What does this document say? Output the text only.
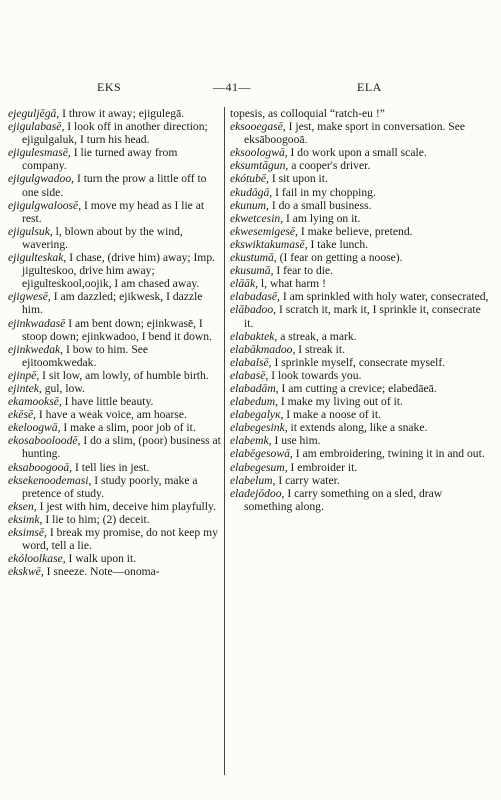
EKS	—41—	ELA

ejeguljēgā, I throw it away; ejigulegā.

ejigulabasē, I look off in another direction; ejigulgaluk, I turn his head.

ejigulesmasē, I lie turned away from company.

ejigulgwadoo, I turn the prow a little off to one side.

ejigulgwaloosē, I move my head as I lie at rest.

ejigulsuk, l, blown about by the wind, wavering.

ejigulteskak, I chase, (drive him) away; Imp. jigulteskoo, drive him away; ejigulteskool,oojik, I am chased away.

ejigwesē, I am dazzled; ejikwesk, I dazzle him.

ejinkwadasē I am bent down; ejinkwasē, I stoop down; ejinkwadoo, I bend it down.

ejinkwedak, I bow to him. See ejitoomkwedak.

ejinpē, I sit low, am lowly, of humble birth.

ejintek, gul, low.

ekamooksē, I have little beauty.

ekēsē, I have a weak voice, am hoarse.

ekeloogwā, I make a slim, poor job of it.

ekosabooloodē, I do a slim, (poor) business at hunting.

eksaboogooā, I tell lies in jest.

eksekenoodemasi, I study poorly, make a pretence of study.

eksen, I jest with him, deceive him playfully.

eksimk, I lie to him; (2) deceit.

eksimsē, I break my promise, do not keep my word, tell a lie.

ekóloolkase, I walk upon it.

ekskwē, I sneeze. Note—onoma-

topesis, as colloquial “ratch-eu !”

eksooegasē, I jest, make sport in conversation. See eksāboogooā.

eksoologwā, I do work upon a small scale.

eksumtāgun, a cooper's driver.

ekótubē, I sit upon it.

ekudāgā, I fail in my chopping.

ekunum, I do a small business.

ekwetcesin, I am lying on it.

ekwesemigesē, I make believe, pretend.

ekswiktakumasē, I take lunch.

ekustumā, (I fear on getting a noose).

ekusumā, I fear to die.

elāāk, l, what harm !

elabadasē, I am sprinkled with holy water, consecrated,

elābadoo, I scratch it, mark it, I sprinkle it, consecrate it.

elabaktek, a streak, a mark.

elabākmadoo, I streak it.

elabalsē, I sprinkle myself, consecrate myself.

elabasē, I look towards you.

elabadām, I am cutting a crevice; elabedāeā.

elabedum, I make my living out of it.

elabegalук, I make a noose of it.

elabegesink, it extends along, like a snake.

elabemk, I use him.

elabēgesowā, I am embroidering, twining it in and out.

elabegesum, I embroider it.

elabelum, I carry water.

eladejōdoo, I carry something on a sled, draw something along.
